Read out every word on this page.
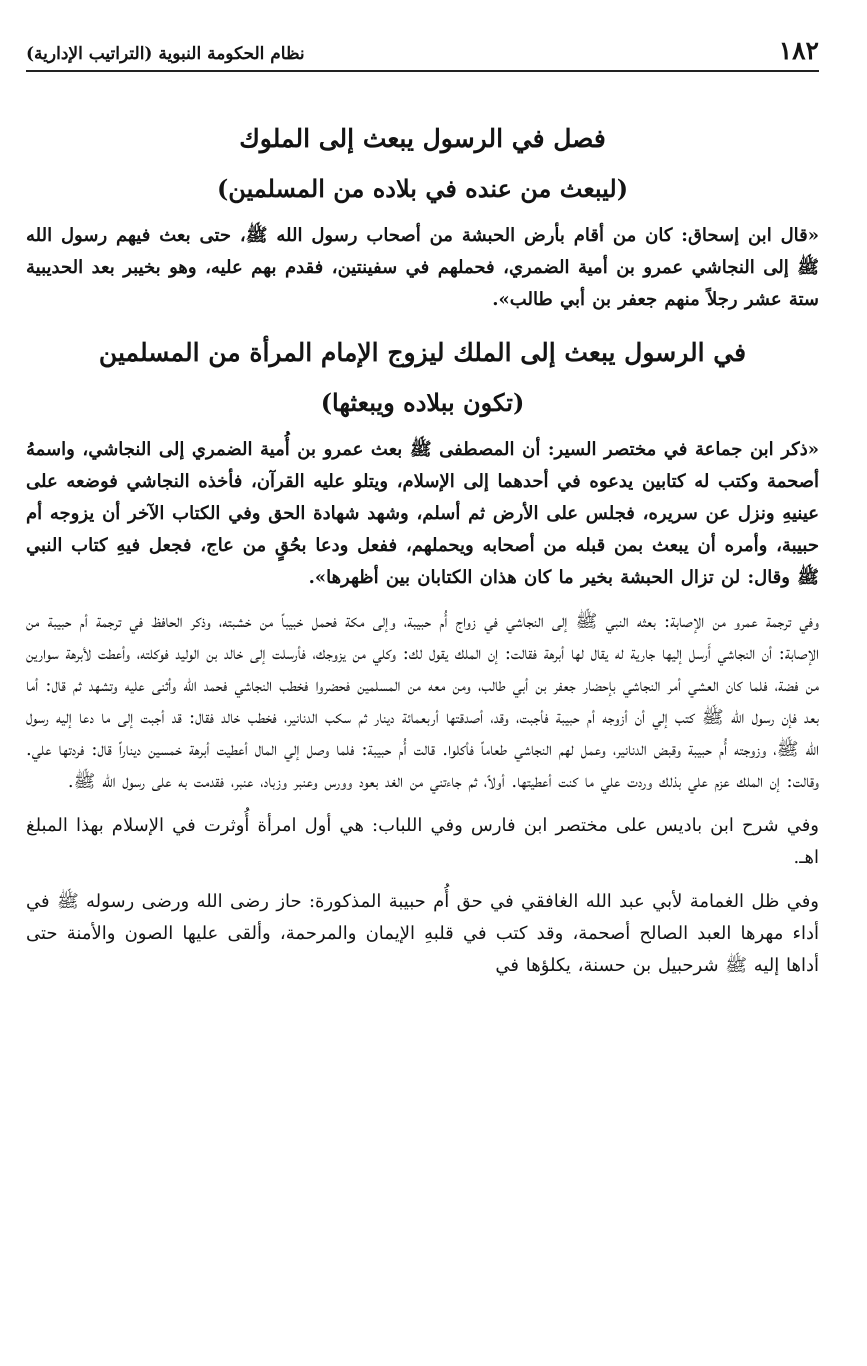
١٨٢
نظام الحكومة النبوية (التراتيب الإدارية)
فصل في الرسول يبعث إلى الملوك
(ليبعث من عنده في بلاده من المسلمين)

«قال ابن إسحاق: كان من أقام بأرض الحبشة من أصحاب رسول الله ﷺ، حتى بعث فيهم رسول الله ﷺ إلى النجاشي عمرو بن أمية الضمري، فحملهم في سفينتين، فقدم بهم عليه، وهو بخيبر بعد الحديبية ستة عشر رجلاً منهم جعفر بن أبي طالب».

في الرسول يبعث إلى الملك ليزوج الإمام المرأة من المسلمين
(تكون ببلاده ويبعثها)

«ذكر ابن جماعة في مختصر السير: أن المصطفى ﷺ بعث عمرو بن أُمية الضمري إلى النجاشي، واسمهُ أصحمة وكتب له كتابين يدعوه في أحدهما إلى الإسلام، ويتلو عليه القرآن، فأخذه النجاشي فوضعه على عينيهِ ونزل عن سريره، فجلس على الأرض ثم أسلم، وشهد شهادة الحق وفي الكتاب الآخر أن يزوجه أم حبيبة، وأمره أن يبعث بمن قبله من أصحابه ويحملهم، ففعل ودعا بحُقٍ من عاج، فجعل فيهِ كتاب النبي ﷺ وقال: لن تزال الحبشة بخير ما كان هذان الكتابان بين أظهرها».

وفي ترجمة عمرو من الإصابة: بعثه النبي ﷺ إلى النجاشي في زواج أُم حبيبة، وإلى مكة فحمل خبيباً من خشبته، وذكر الحافظ في ترجمة أم حبيبة من الإصابة: أن النجاشي أَرسل إليها جارية له يقال لها أبرهة فقالت: إن الملك يقول لك: وكلي من يزوجك، فأرسلت إلى خالد بن الوليد فوكلته، وأعطت لأبرهة سوارين من فضة، فلما كان العشي أمر النجاشي بإحضار جعفر بن أبي طالب، ومن معه من المسلمين فحضروا فخطب النجاشي فحمد الله وأثنى عليه وتشهد ثم قال: أما بعد فإن رسول الله ﷺ كتب إلي أن أزوجه أم حبيبة فأجبت، وقد، أصدقتها أربعمائة دينار ثم سكب الدنانير، فخطب خالد فقال: قد أجبت إلى ما دعا إليه رسول الله ﷺ، وزوجته أُم حبيبة وقبض الدنانير، وعمل لهم النجاشي طعاماً فأكلوا. قالت أُم حبيبة: فلما وصل إلي المال أعطيت أبرهة خمسين ديناراً قال: فردتها علي. وقالت: إن الملك عزم علي بذلك وردت علي ما كنت أعطيتها. أولاً، ثم جاءتني من الغد بعود وورس وعنبر وزباد، عنبر، فقدمت به على رسول الله ﷺ.

وفي شرح ابن باديس على مختصر ابن فارس وفي اللباب: هي أول امرأة أُوثرت في الإسلام بهذا المبلغ اهـ.

وفي ظل الغمامة لأبي عبد الله الغافقي في حق أُم حبيبة المذكورة: حاز رضى الله ورضى رسوله ﷺ في أداء مهرها العبد الصالح أصحمة، وقد كتب في قلبهِ الإيمان والمرحمة، وألقى عليها الصون والأمنة حتى أداها إليه ﷺ شرحبيل بن حسنة، يكلؤها في
